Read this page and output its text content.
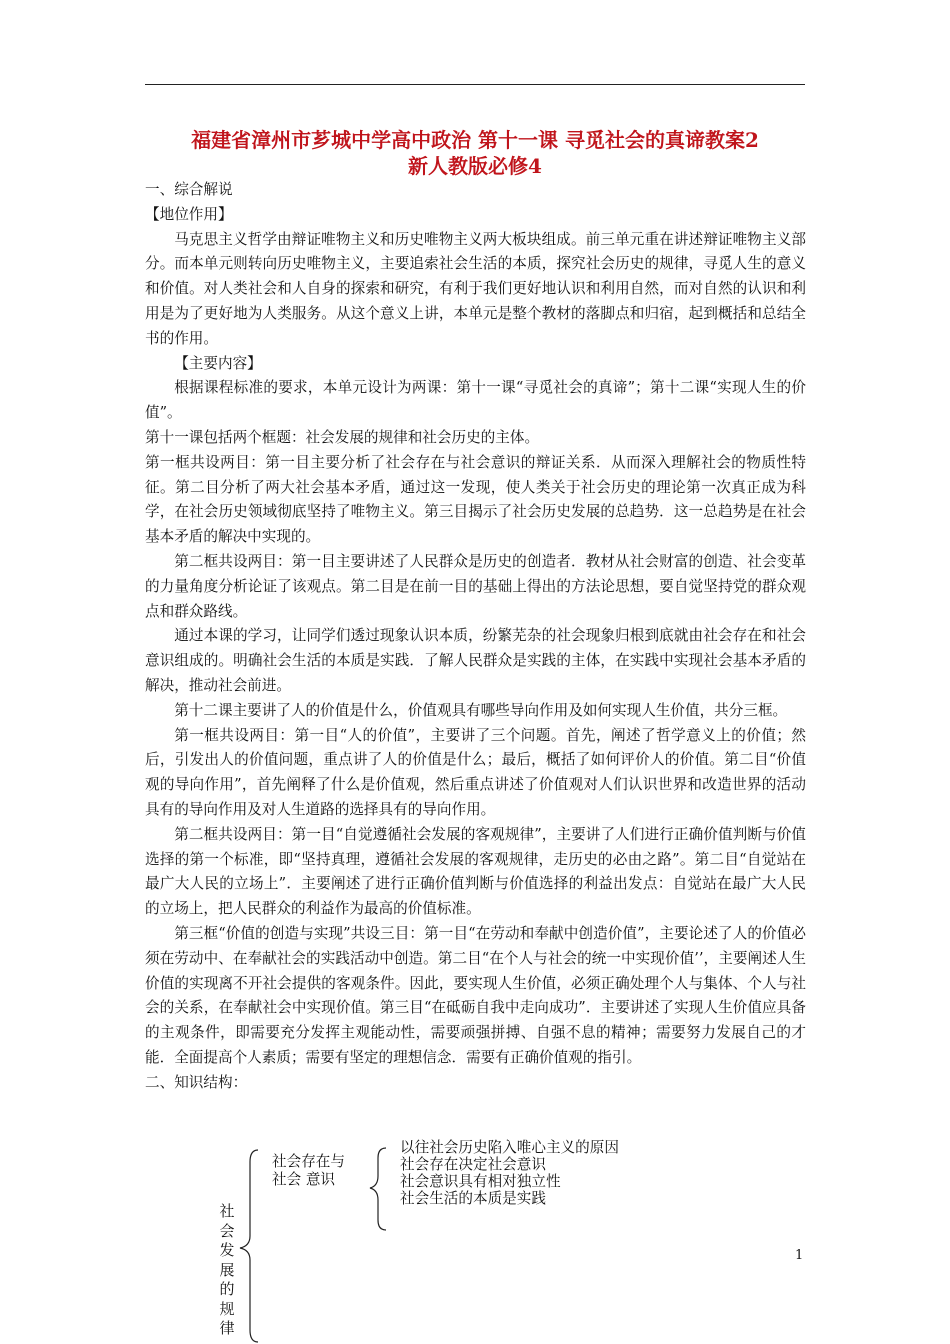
福建省漳州市芗城中学高中政治 第十一课 寻觅社会的真谛教案2
新人教版必修4

一、综合解说

【地位作用】

马克思主义哲学由辩证唯物主义和历史唯物主义两大板块组成。前三单元重在讲述辩证唯物主义部分。而本单元则转向历史唯物主义，主要追索社会生活的本质，探究社会历史的规律，寻觅人生的意义和价值。对人类社会和人自身的探索和研究，有利于我们更好地认识和利用自然，而对自然的认识和利用是为了更好地为人类服务。从这个意义上讲，本单元是整个教材的落脚点和归宿，起到概括和总结全书的作用。

【主要内容】

根据课程标准的要求，本单元设计为两课：第十一课“寻觅社会的真谛”；第十二课“实现人生的价值”。

第十一课包括两个框题：社会发展的规律和社会历史的主体。

第一框共设两目：第一目主要分析了社会存在与社会意识的辩证关系．从而深入理解社会的物质性特征。第二目分析了两大社会基本矛盾，通过这一发现，使人类关于社会历史的理论第一次真正成为科学，在社会历史领域彻底坚持了唯物主义。第三目揭示了社会历史发展的总趋势．这一总趋势是在社会基本矛盾的解决中实现的。

第二框共设两目：第一目主要讲述了人民群众是历史的创造者．教材从社会财富的创造、社会变革的力量角度分析论证了该观点。第二目是在前一目的基础上得出的方法论思想，要自觉坚持党的群众观点和群众路线。

通过本课的学习，让同学们透过现象认识本质，纷繁芜杂的社会现象归根到底就由社会存在和社会意识组成的。明确社会生活的本质是实践．了解人民群众是实践的主体，在实践中实现社会基本矛盾的解决，推动社会前进。

第十二课主要讲了人的价值是什么，价值观具有哪些导向作用及如何实现人生价值，共分三框。

第一框共设两目：第一目“人的价值”，主要讲了三个问题。首先，阐述了哲学意义上的价值；然后，引发出人的价值问题，重点讲了人的价值是什么；最后，概括了如何评价人的价值。第二目“价值观的导向作用”，首先阐释了什么是价值观，然后重点讲述了价值观对人们认识世界和改造世界的活动具有的导向作用及对人生道路的选择具有的导向作用。

第二框共设两目：第一目“自觉遵循社会发展的客观规律”，主要讲了人们进行正确价值判断与价值选择的第一个标准，即“坚持真理，遵循社会发展的客观规律，走历史的必由之路”。第二目“自觉站在最广大人民的立场上”．主要阐述了进行正确价值判断与价值选择的利益出发点：自觉站在最广大人民的立场上，把人民群众的利益作为最高的价值标准。

第三框“价值的创造与实现”共设三目：第一目“在劳动和奉献中创造价值”，主要论述了人的价值必须在劳动中、在奉献社会的实践活动中创造。第二目“在个人与社会的统一中实现价值’’，主要阐述人生价值的实现离不开社会提供的客观条件。因此，要实现人生价值，必须正确处理个人与集体、个人与社会的关系，在奉献社会中实现价值。第三目“在砥砺自我中走向成功”．主要讲述了实现人生价值应具备的主观条件，即需要充分发挥主观能动性，需要顽强拼搏、自强不息的精神；需要努力发展自己的才能．全面提高个人素质；需要有坚定的理想信念．需要有正确价值观的指引。

二、知识结构：

社
会
发
展
的
规
律
社会存在与
社会 意识
以往社会历史陷入唯心主义的原因
社会存在决定社会意识
社会意识具有相对独立性
社会生活的本质是实践
1
